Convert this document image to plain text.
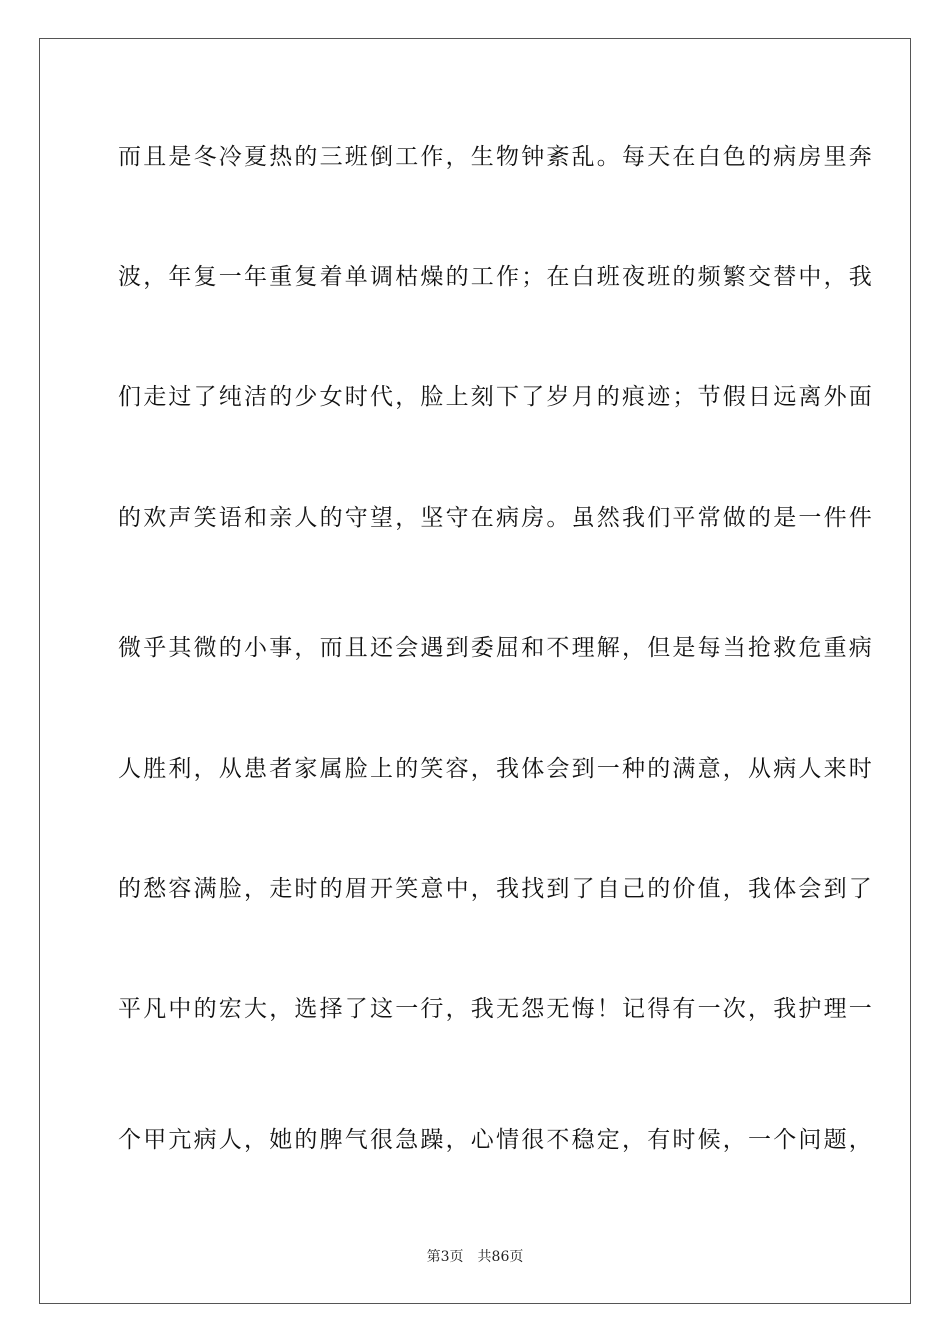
而且是冬冷夏热的三班倒工作，生物钟紊乱。每天在白色的病房里奔
波，年复一年重复着单调枯燥的工作；在白班夜班的频繁交替中，我
们走过了纯洁的少女时代，脸上刻下了岁月的痕迹；节假日远离外面
的欢声笑语和亲人的守望，坚守在病房。虽然我们平常做的是一件件
微乎其微的小事，而且还会遇到委屈和不理解，但是每当抢救危重病
人胜利，从患者家属脸上的笑容，我体会到一种的满意，从病人来时
的愁容满脸，走时的眉开笑意中，我找到了自己的价值，我体会到了
平凡中的宏大，选择了这一行，我无怨无悔！记得有一次，我护理一
个甲亢病人，她的脾气很急躁，心情很不稳定，有时候，一个问题，
第3页 共86页
